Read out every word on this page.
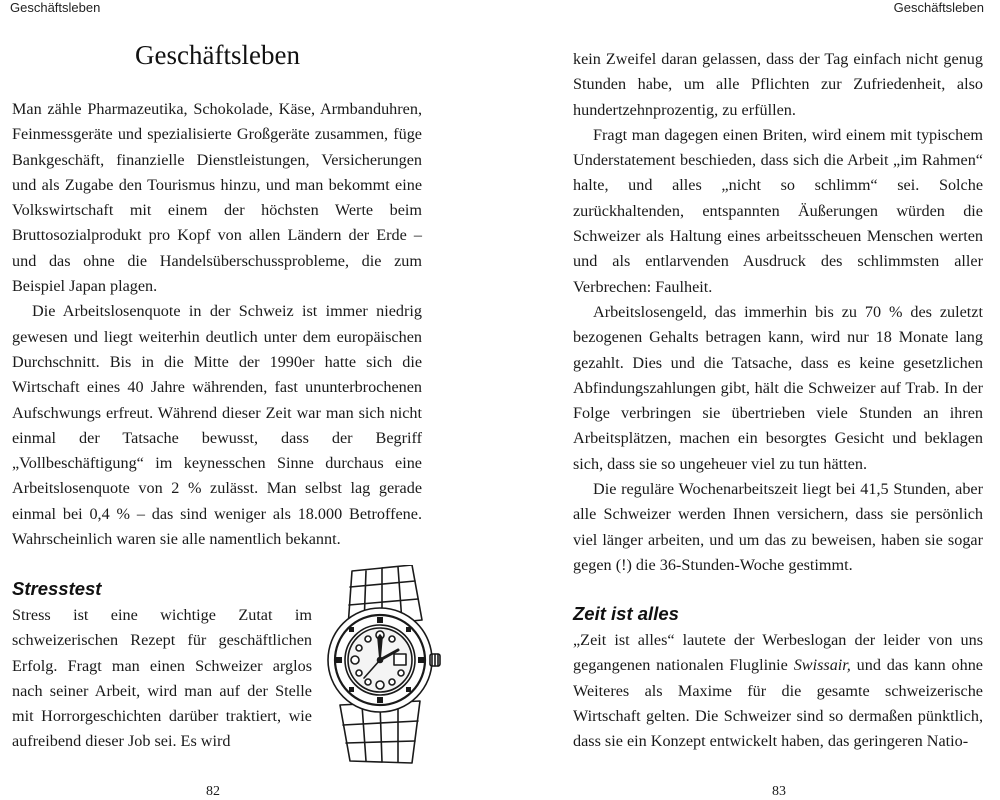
Geschäftsleben
Geschäftsleben

Man zähle Pharmazeutika, Schokolade, Käse, Armbanduhren, Feinmessgeräte und spezialisierte Großgeräte zusammen, füge Bankgeschäft, finanzielle Dienstleistungen, Versicherungen und als Zugabe den Tourismus hinzu, und man bekommt eine Volkswirtschaft mit einem der höchsten Werte beim Bruttosozialprodukt pro Kopf von allen Ländern der Erde – und das ohne die Handelsüberschussprobleme, die zum Beispiel Japan plagen.

Die Arbeitslosenquote in der Schweiz ist immer niedrig gewesen und liegt weiterhin deutlich unter dem europäischen Durchschnitt. Bis in die Mitte der 1990er hatte sich die Wirtschaft eines 40 Jahre währenden, fast ununterbrochenen Aufschwungs erfreut. Während dieser Zeit war man sich nicht einmal der Tatsache bewusst, dass der Begriff „Vollbeschäftigung“ im keynesschen Sinne durchaus eine Arbeitslosenquote von 2 % zulässt. Man selbst lag gerade einmal bei 0,4 % – das sind weniger als 18.000 Betroffene. Wahrscheinlich waren sie alle namentlich bekannt.

Stresstest

Stress ist eine wichtige Zutat im schweizerischen Rezept für geschäftlichen Erfolg. Fragt man einen Schweizer arglos nach seiner Arbeit, wird man auf der Stelle mit Horrorgeschichten darüber traktiert, wie aufreibend dieser Job sei. Es wird

82
Geschäftsleben

kein Zweifel daran gelassen, dass der Tag einfach nicht genug Stunden habe, um alle Pflichten zur Zufriedenheit, also hundertzehnprozentig, zu erfüllen.

Fragt man dagegen einen Briten, wird einem mit typischem Understatement beschieden, dass sich die Arbeit „im Rahmen“ halte, und alles „nicht so schlimm“ sei. Solche zurückhaltenden, entspannten Äußerungen würden die Schweizer als Haltung eines arbeitsscheuen Menschen werten und als entlarvenden Ausdruck des schlimmsten aller Verbrechen: Faulheit.

Arbeitslosengeld, das immerhin bis zu 70 % des zuletzt bezogenen Gehalts betragen kann, wird nur 18 Monate lang gezahlt. Dies und die Tatsache, dass es keine gesetzlichen Abfindungszahlungen gibt, hält die Schweizer auf Trab. In der Folge verbringen sie übertrieben viele Stunden an ihren Arbeitsplätzen, machen ein besorgtes Gesicht und beklagen sich, dass sie so ungeheuer viel zu tun hätten.

Die reguläre Wochenarbeitszeit liegt bei 41,5 Stunden, aber alle Schweizer werden Ihnen versichern, dass sie persönlich viel länger arbeiten, und um das zu beweisen, haben sie sogar gegen (!) die 36-Stunden-Woche gestimmt.

Zeit ist alles

„Zeit ist alles“ lautete der Werbeslogan der leider von uns gegangenen nationalen Fluglinie Swissair, und das kann ohne Weiteres als Maxime für die gesamte schweizerische Wirtschaft gelten. Die Schweizer sind so dermaßen pünktlich, dass sie ein Konzept entwickelt haben, das geringeren Natio-

83
